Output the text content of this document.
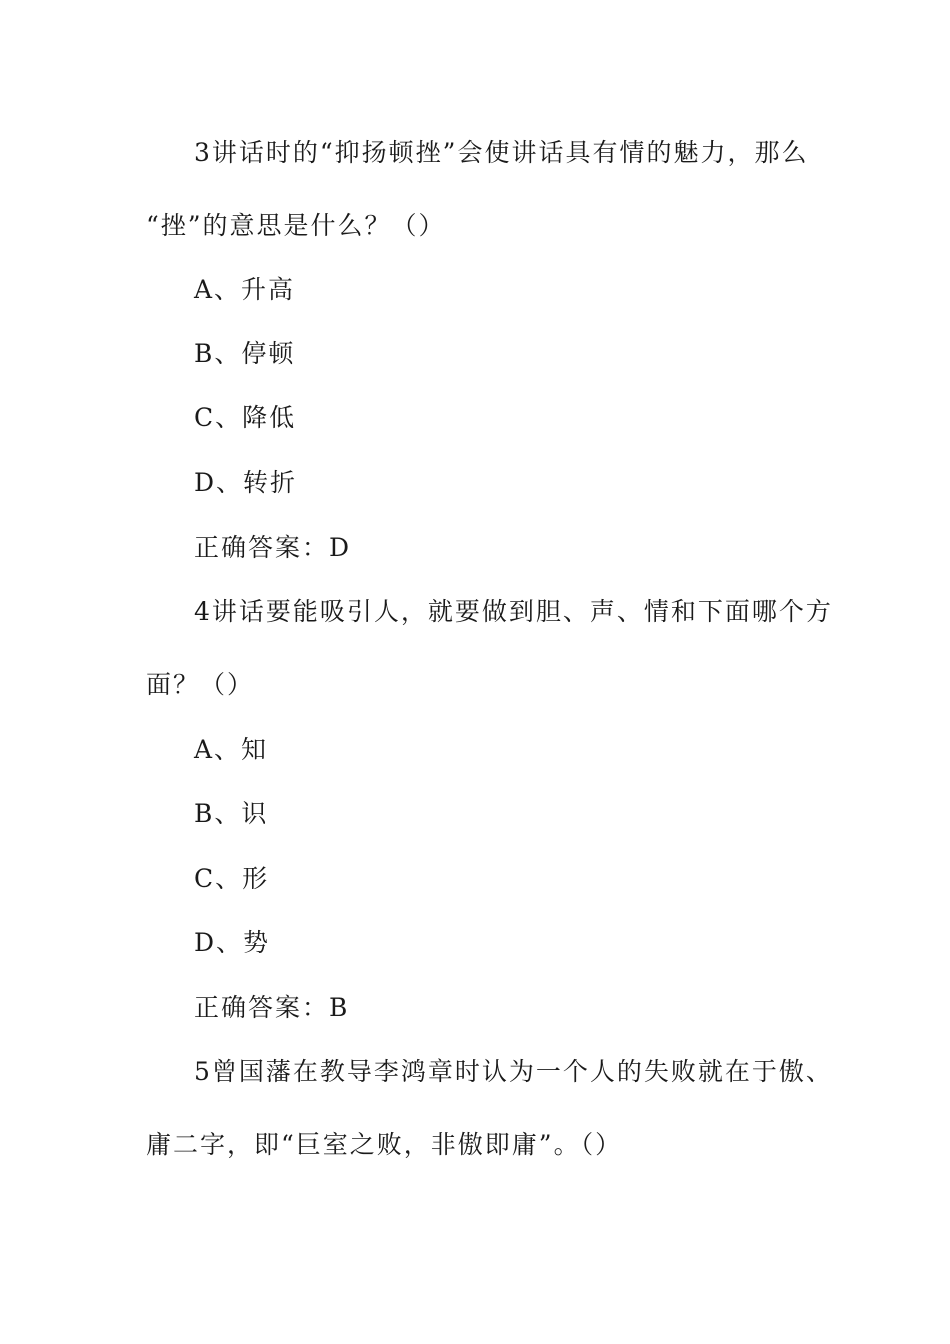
3讲话时的“抑扬顿挫”会使讲话具有情的魅力，那么
“挫”的意思是什么？（）
A、升高
B、停顿
C、降低
D、转折
正确答案：D
4讲话要能吸引人，就要做到胆、声、情和下面哪个方
面？（）
A、知
B、识
C、形
D、势
正确答案：B
5曾国藩在教导李鸿章时认为一个人的失败就在于傲、
庸二字，即“巨室之败，非傲即庸”。（）
